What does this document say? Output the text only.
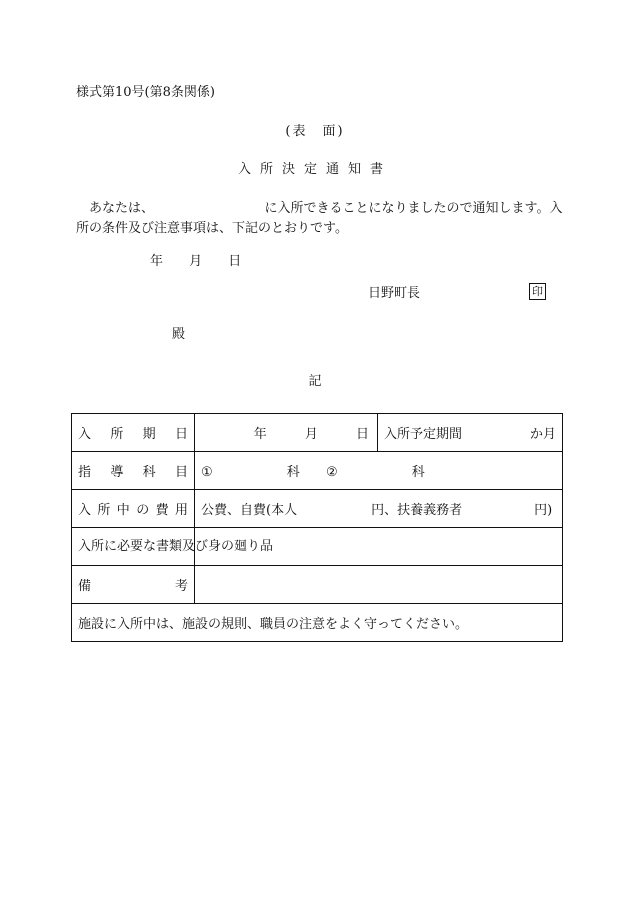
様式第10号(第8条関係)
(表　面)
入所決定通知書
あなたは、　　　　　　　　　に入所できることになりましたので通知します。入所の条件及び注意事項は、下記のとおりです。
年 月 日
日野町長	印
殿
記
入所期日	年 月 日	入所予定期間 か月

指導科目	① 科 ② 科	
入所中の費用	公費、自費(本人 円、扶養義務者 円)	
入所に必要な書類及び身の廻り品		
備考		
施設に入所中は、施設の規則、職員の注意をよく守ってください。		
